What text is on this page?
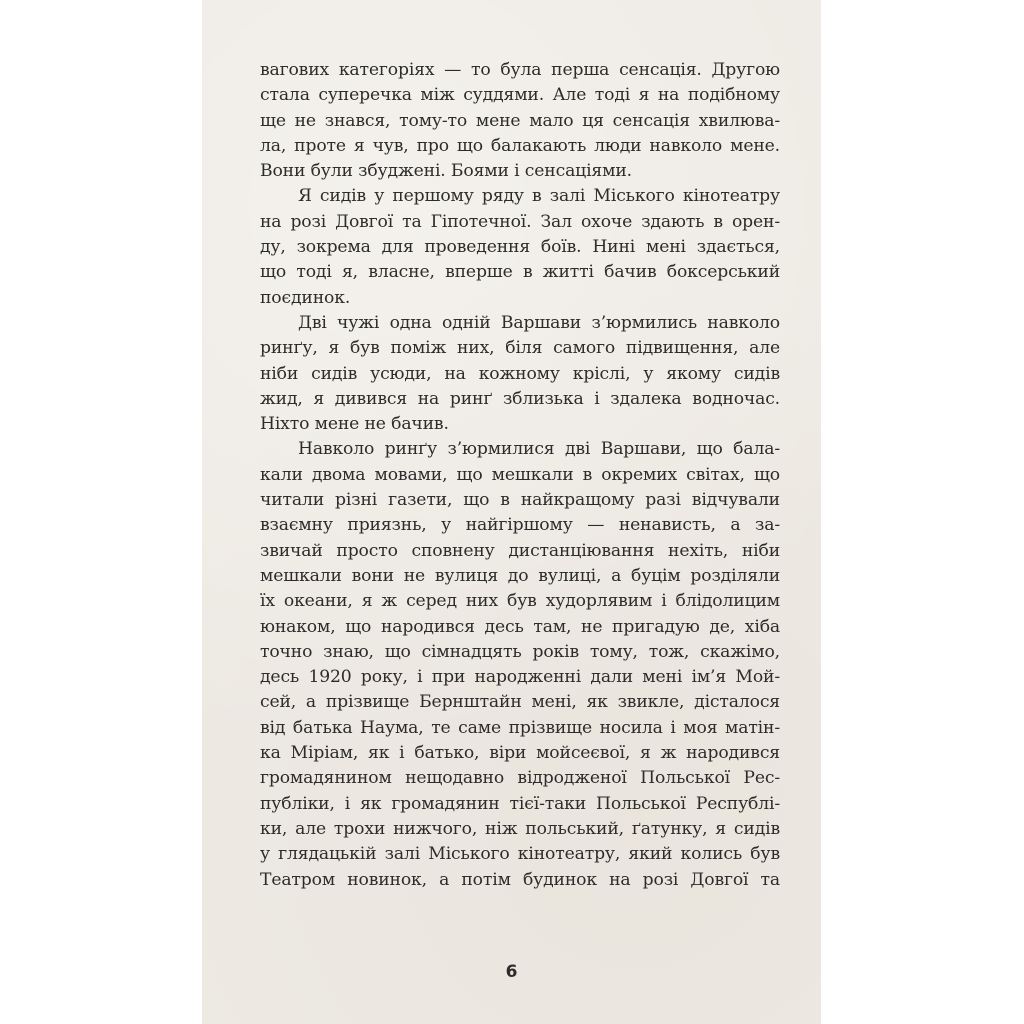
вагових категоріях — то була перша сенсація. Другою
стала суперечка між суддями. Але тоді я на подібному
ще не знався, тому-то мене мало ця сенсація хвилюва-
ла, проте я чув, про що балакають люди навколо мене.
Вони були збуджені. Боями і сенсаціями.
Я сидів у першому ряду в залі Міського кінотеатру
на розі Довгої та Гіпотечної. Зал охоче здають в орен-
ду, зокрема для проведення боїв. Нині мені здається,
що тоді я, власне, вперше в житті бачив боксерський
поєдинок.
Дві чужі одна одній Варшави з’юрмились навколо
ринґу, я був поміж них, біля самого підвищення, але
ніби сидів усюди, на кожному кріслі, у якому сидів
жид, я дивився на ринґ зблизька і здалека водночас.
Ніхто мене не бачив.
Навколо ринґу з’юрмилися дві Варшави, що бала-
кали двома мовами, що мешкали в окремих світах, що
читали різні газети, що в найкращому разі відчували
взаємну приязнь, у найгіршому — ненависть, а за-
звичай просто сповнену дистанціювання нехіть, ніби
мешкали вони не вулиця до вулиці, а буцім розділяли
їх океани, я ж серед них був худорлявим і блідолицим
юнаком, що народився десь там, не пригадую де, хіба
точно знаю, що сімнадцять років тому, тож, скажімо,
десь 1920 року, і при народженні дали мені ім’я Мой-
сей, а прізвище Бернштайн мені, як звикле, дісталося
від батька Наума, те саме прізвище носила і моя матін-
ка Міріам, як і батько, віри мойсеєвої, я ж народився
громадянином нещодавно відродженої Польської Рес-
публіки, і як громадянин тієї-таки Польської Республі-
ки, але трохи нижчого, ніж польський, ґатунку, я сидів
у глядацькій залі Міського кінотеатру, який колись був
Театром новинок, а потім будинок на розі Довгої та
6
